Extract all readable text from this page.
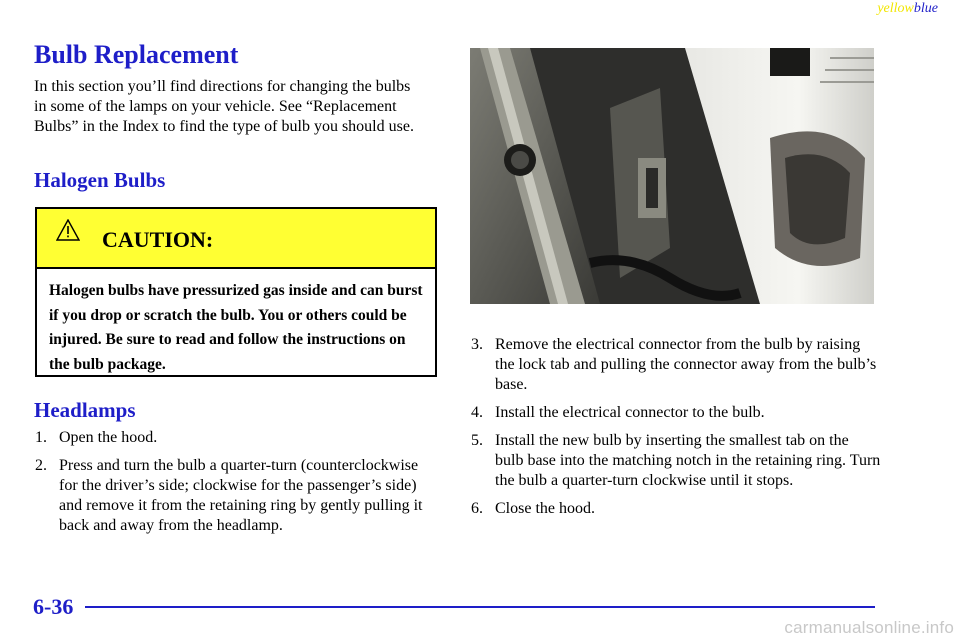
yellowblue
Bulb Replacement

In this section you’ll find directions for changing the bulbs in some of the lamps on your vehicle. See “Replacement Bulbs” in the Index to find the type of bulb you should use.

Halogen Bulbs
CAUTION:
Halogen bulbs have pressurized gas inside and can burst if you drop or scratch the bulb. You or others could be injured. Be sure to read and follow the instructions on the bulb package.
Headlamps
1. Open the hood.
2. Press and turn the bulb a quarter-turn (counterclockwise for the driver’s side; clockwise for the passenger’s side) and remove it from the retaining ring by gently pulling it back and away from the headlamp.
3. Remove the electrical connector from the bulb by raising the lock tab and pulling the connector away from the bulb’s base.
4. Install the electrical connector to the bulb.
5. Install the new bulb by inserting the smallest tab on the bulb base into the matching notch in the retaining ring. Turn the bulb a quarter-turn clockwise until it stops.
6. Close the hood.
6-36
carmanualsonline.info
